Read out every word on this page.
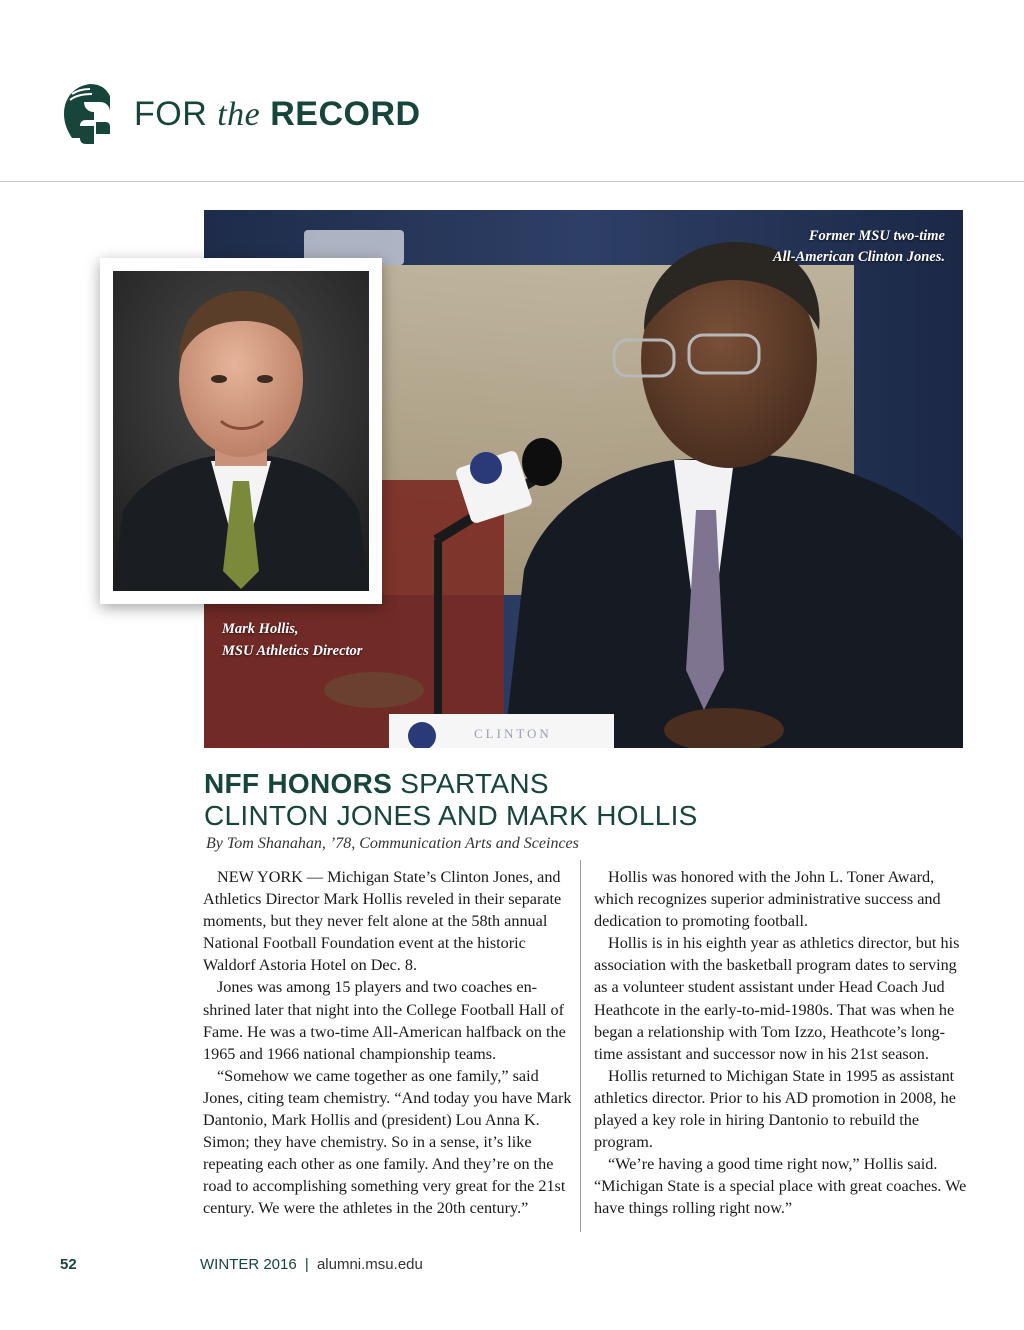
FOR the RECORD
CLINTON
Former MSU two-time
All-American Clinton Jones.
Mark Hollis,
MSU Athletics Director
NFF HONORS SPARTANS
CLINTON JONES AND MARK HOLLIS
By Tom Shanahan, ’78, Communication Arts and Sceinces

NEW YORK — Michigan State’s Clinton Jones, and Athletics Director Mark Hollis reveled in their separate moments, but they never felt alone at the 58th annual National Football Foundation event at the historic Waldorf Astoria Hotel on Dec. 8.

Jones was among 15 players and two coaches en-shrined later that night into the College Football Hall of Fame. He was a two-time All-American halfback on the 1965 and 1966 national championship teams.

“Somehow we came together as one family,” said Jones, citing team chemistry. “And today you have Mark Dantonio, Mark Hollis and (president) Lou Anna K. Simon; they have chemistry. So in a sense, it’s like repeating each other as one family. And they’re on the road to accomplishing something very great for the 21st century. We were the athletes in the 20th century.”

Hollis was honored with the John L. Toner Award, which recognizes superior administrative success and dedication to promoting football.

Hollis is in his eighth year as athletics director, but his association with the basketball program dates to serving as a volunteer student assistant under Head Coach Jud Heathcote in the early-to-mid-1980s. That was when he began a relationship with Tom Izzo, Heathcote’s long-time assistant and successor now in his 21st season.

Hollis returned to Michigan State in 1995 as assistant athletics director. Prior to his AD promotion in 2008, he played a key role in hiring Dantonio to rebuild the program.

“We’re having a good time right now,” Hollis said. “Michigan State is a special place with great coaches. We have things rolling right now.”

52	WINTER 2016 | alumni.msu.edu
